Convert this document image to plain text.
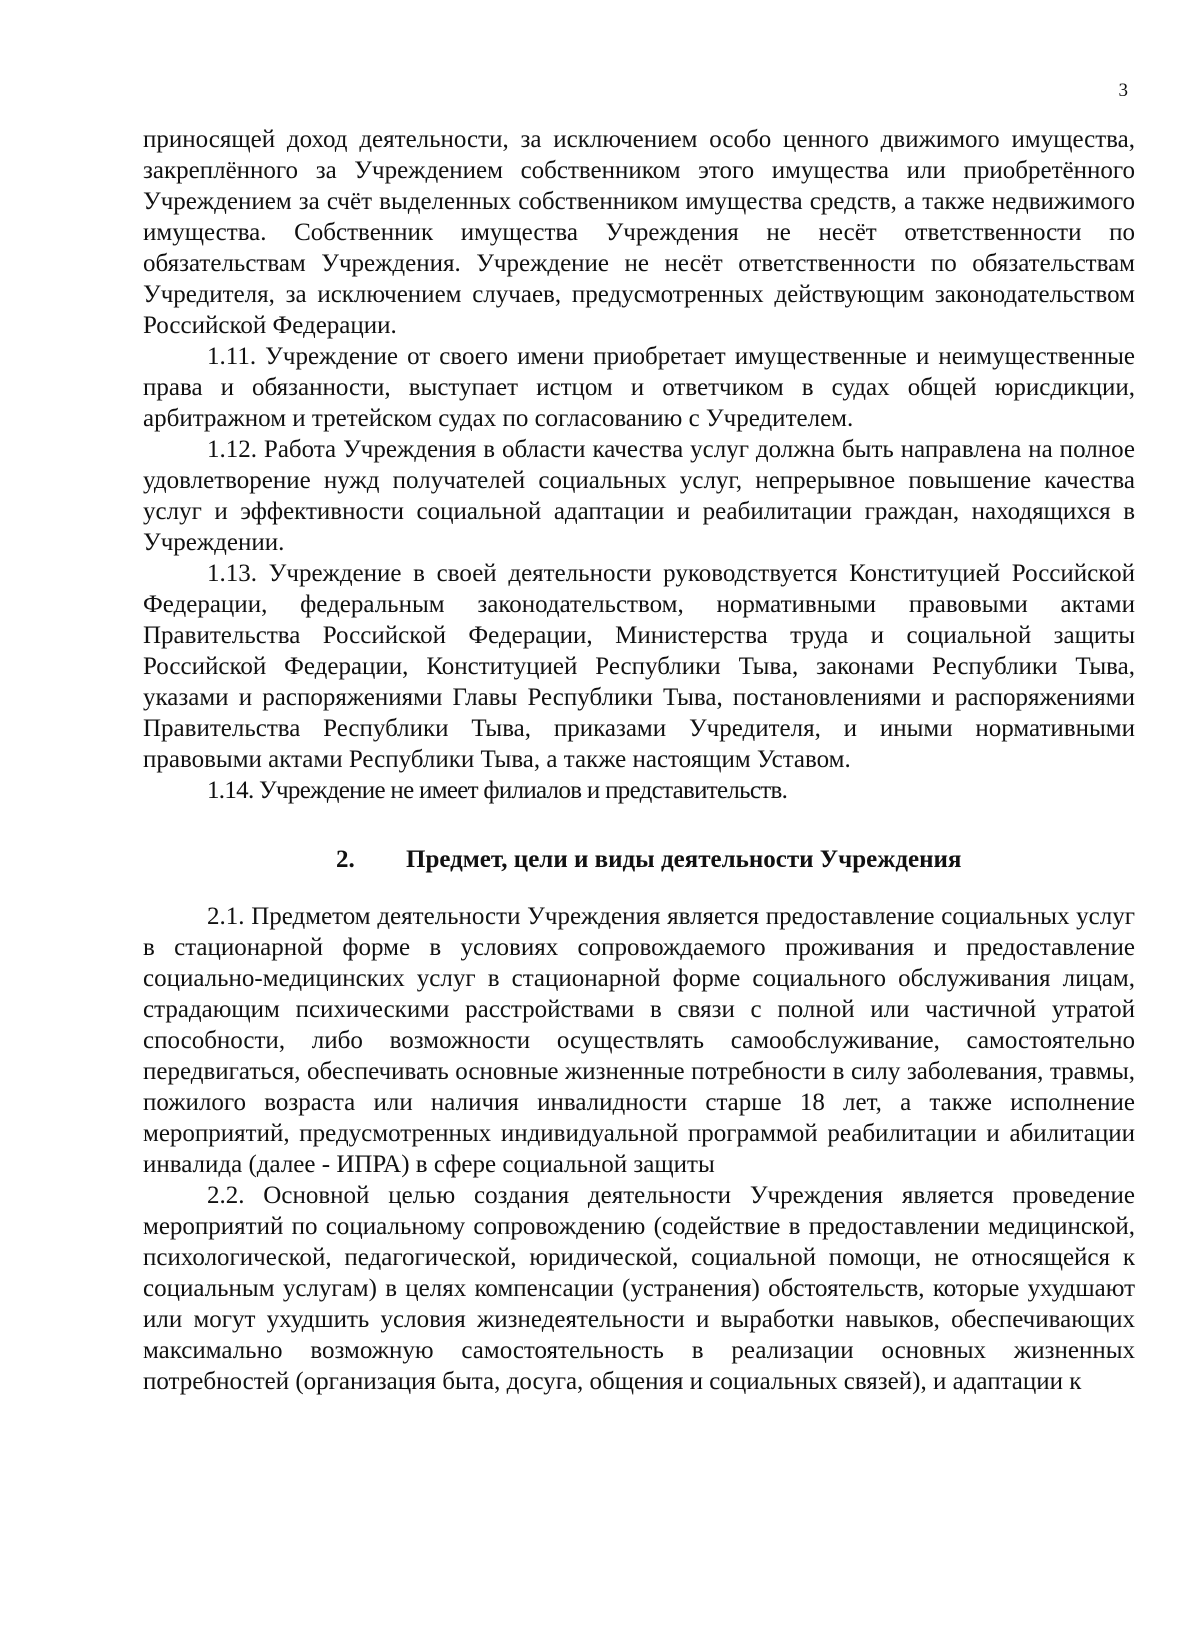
3

приносящей доход деятельности, за исключением особо ценного движимого имущества, закреплённого за Учреждением собственником этого имущества или приобретённого Учреждением за счёт выделенных собственником имущества средств, а также недвижимого имущества. Собственник имущества Учреждения не несёт ответственности по обязательствам Учреждения. Учреждение не несёт ответственности по обязательствам Учредителя, за исключением случаев, предусмотренных действующим законодательством Российской Федерации.

1.11. Учреждение от своего имени приобретает имущественные и неимущественные права и обязанности, выступает истцом и ответчиком в судах общей юрисдикции, арбитражном и третейском судах по согласованию с Учредителем.

1.12. Работа Учреждения в области качества услуг должна быть направлена на полное удовлетворение нужд получателей социальных услуг, непрерывное повышение качества услуг и эффективности социальной адаптации и реабилитации граждан, находящихся в Учреждении.

1.13. Учреждение в своей деятельности руководствуется Конституцией Российской Федерации, федеральным законодательством, нормативными правовыми актами Правительства Российской Федерации, Министерства труда и социальной защиты Российской Федерации, Конституцией Республики Тыва, законами Республики Тыва, указами и распоряжениями Главы Республики Тыва, постановлениями и распоряжениями Правительства Республики Тыва, приказами Учредителя, и иными нормативными правовыми актами Республики Тыва, а также настоящим Уставом.

1.14. Учреждение не имеет филиалов и представительств.

2.	Предмет, цели и виды деятельности Учреждения

2.1. Предметом деятельности Учреждения является предоставление социальных услуг в стационарной форме в условиях сопровождаемого проживания и предоставление социально-медицинских услуг в стационарной форме социального обслуживания лицам, страдающим психическими расстройствами в связи с полной или частичной утратой способности, либо возможности осуществлять самообслуживание, самостоятельно передвигаться, обеспечивать основные жизненные потребности в силу заболевания, травмы, пожилого возраста или наличия инвалидности старше 18 лет, а также исполнение мероприятий, предусмотренных индивидуальной программой реабилитации и абилитации инвалида (далее - ИПРА) в сфере социальной защиты

2.2. Основной целью создания деятельности Учреждения является проведение мероприятий по социальному сопровождению (содействие в предоставлении медицинской, психологической, педагогической, юридической, социальной помощи, не относящейся к социальным услугам) в целях компенсации (устранения) обстоятельств, которые ухудшают или могут ухудшить условия жизнедеятельности и выработки навыков, обеспечивающих максимально возможную самостоятельность в реализации основных жизненных потребностей (организация быта, досуга, общения и социальных связей), и адаптации к
